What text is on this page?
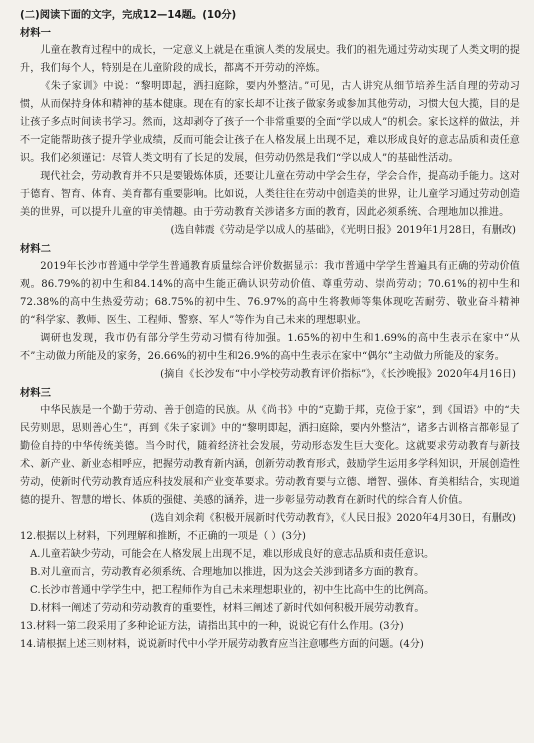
(二)阅读下面的文字，完成12—14题。(10分)
材料一

儿童在教育过程中的成长，一定意义上就是在重演人类的发展史。我们的祖先通过劳动实现了人类文明的提升，我们每个人，特别是在儿童阶段的成长，都离不开劳动的淬炼。

《朱子家训》中说：“黎明即起，洒扫庭除，要内外整洁。”可见，古人讲究从细节培养生活自理的劳动习惯，从而保持身体和精神的基本健康。现在有的家长却不让孩子做家务或参加其他劳动，习惯大包大揽，目的是让孩子多点时间读书学习。然而，这却剥夺了孩子一个非常重要的全面“学以成人”的机会。家长这样的做法，并不一定能帮助孩子提升学业成绩，反而可能会让孩子在人格发展上出现不足，难以形成良好的意志品质和责任意识。我们必须谨记：尽管人类文明有了长足的发展，但劳动仍然是我们“学以成人”的基础性活动。

现代社会，劳动教育并不只是要锻炼体质，还要让儿童在劳动中学会生存，学会合作，提高动手能力。这对于德育、智育、体育、美育都有重要影响。比如说，人类往往在劳动中创造美的世界，让儿童学习通过劳动创造美的世界，可以提升儿童的审美情趣。由于劳动教育关涉诸多方面的教育，因此必须系统、合理地加以推进。

(选自韩震《劳动是学以成人的基础》，《光明日报》2019年1月28日，有删改)

材料二

2019年长沙市普通中学学生普通教育质量综合评价数据显示：我市普通中学学生普遍具有正确的劳动价值观。86.79%的初中生和84.14%的高中生能正确认识劳动价值、尊重劳动、崇尚劳动；70.61%的初中生和72.38%的高中生热爱劳动；68.75%的初中生、76.97%的高中生将教师等集体现吃苦耐劳、敬业奋斗精神的“科学家、教师、医生、工程师、警察、军人”等作为自己未来的理想职业。

调研也发现，我市仍有部分学生劳动习惯有待加强。1.65%的初中生和1.69%的高中生表示在家中“从不”主动做力所能及的家务，26.66%的初中生和26.9%的高中生表示在家中“偶尔”主动做力所能及的家务。

(摘自《长沙发布“中小学校劳动教育评价指标”》，《长沙晚报》2020年4月16日)

材料三

中华民族是一个勤于劳动、善于创造的民族。从《尚书》中的“克勤于邦，克俭于家”，到《国语》中的“夫民劳则思，思则善心生”，再到《朱子家训》中的“黎明即起，洒扫庭除，要内外整洁”，诸多古训格言都彰显了勤俭自持的中华传统美德。当今时代，随着经济社会发展，劳动形态发生巨大变化。这就要求劳动教育与新技术、新产业、新业态相呼应，把握劳动教育新内涵，创新劳动教育形式，鼓励学生运用多学科知识，开展创造性劳动，使新时代劳动教育适应科技发展和产业变革要求。劳动教育要与立德、增智、强体、育美相结合，实现道德的提升、智慧的增长、体质的强健、美感的涵养，进一步彰显劳动教育在新时代的综合育人价值。

(选自刘余莉《积极开展新时代劳动教育》，《人民日报》2020年4月30日，有删改)

12.根据以上材料，下列理解和推断，不正确的一项是（ ）(3分)

A.儿童若缺少劳动，可能会在人格发展上出现不足，难以形成良好的意志品质和责任意识。

B.对儿童而言，劳动教育必须系统、合理地加以推进，因为这会关涉到诸多方面的教育。

C.长沙市普通中学学生中，把工程师作为自己未来理想职业的，初中生比高中生的比例高。

D.材料一阐述了劳动和劳动教育的重要性，材料三阐述了新时代如何积极开展劳动教育。

13.材料一第二段采用了多种论证方法，请指出其中的一种，说说它有什么作用。(3分)

14.请根据上述三则材料，说说新时代中小学开展劳动教育应当注意哪些方面的问题。(4分)
